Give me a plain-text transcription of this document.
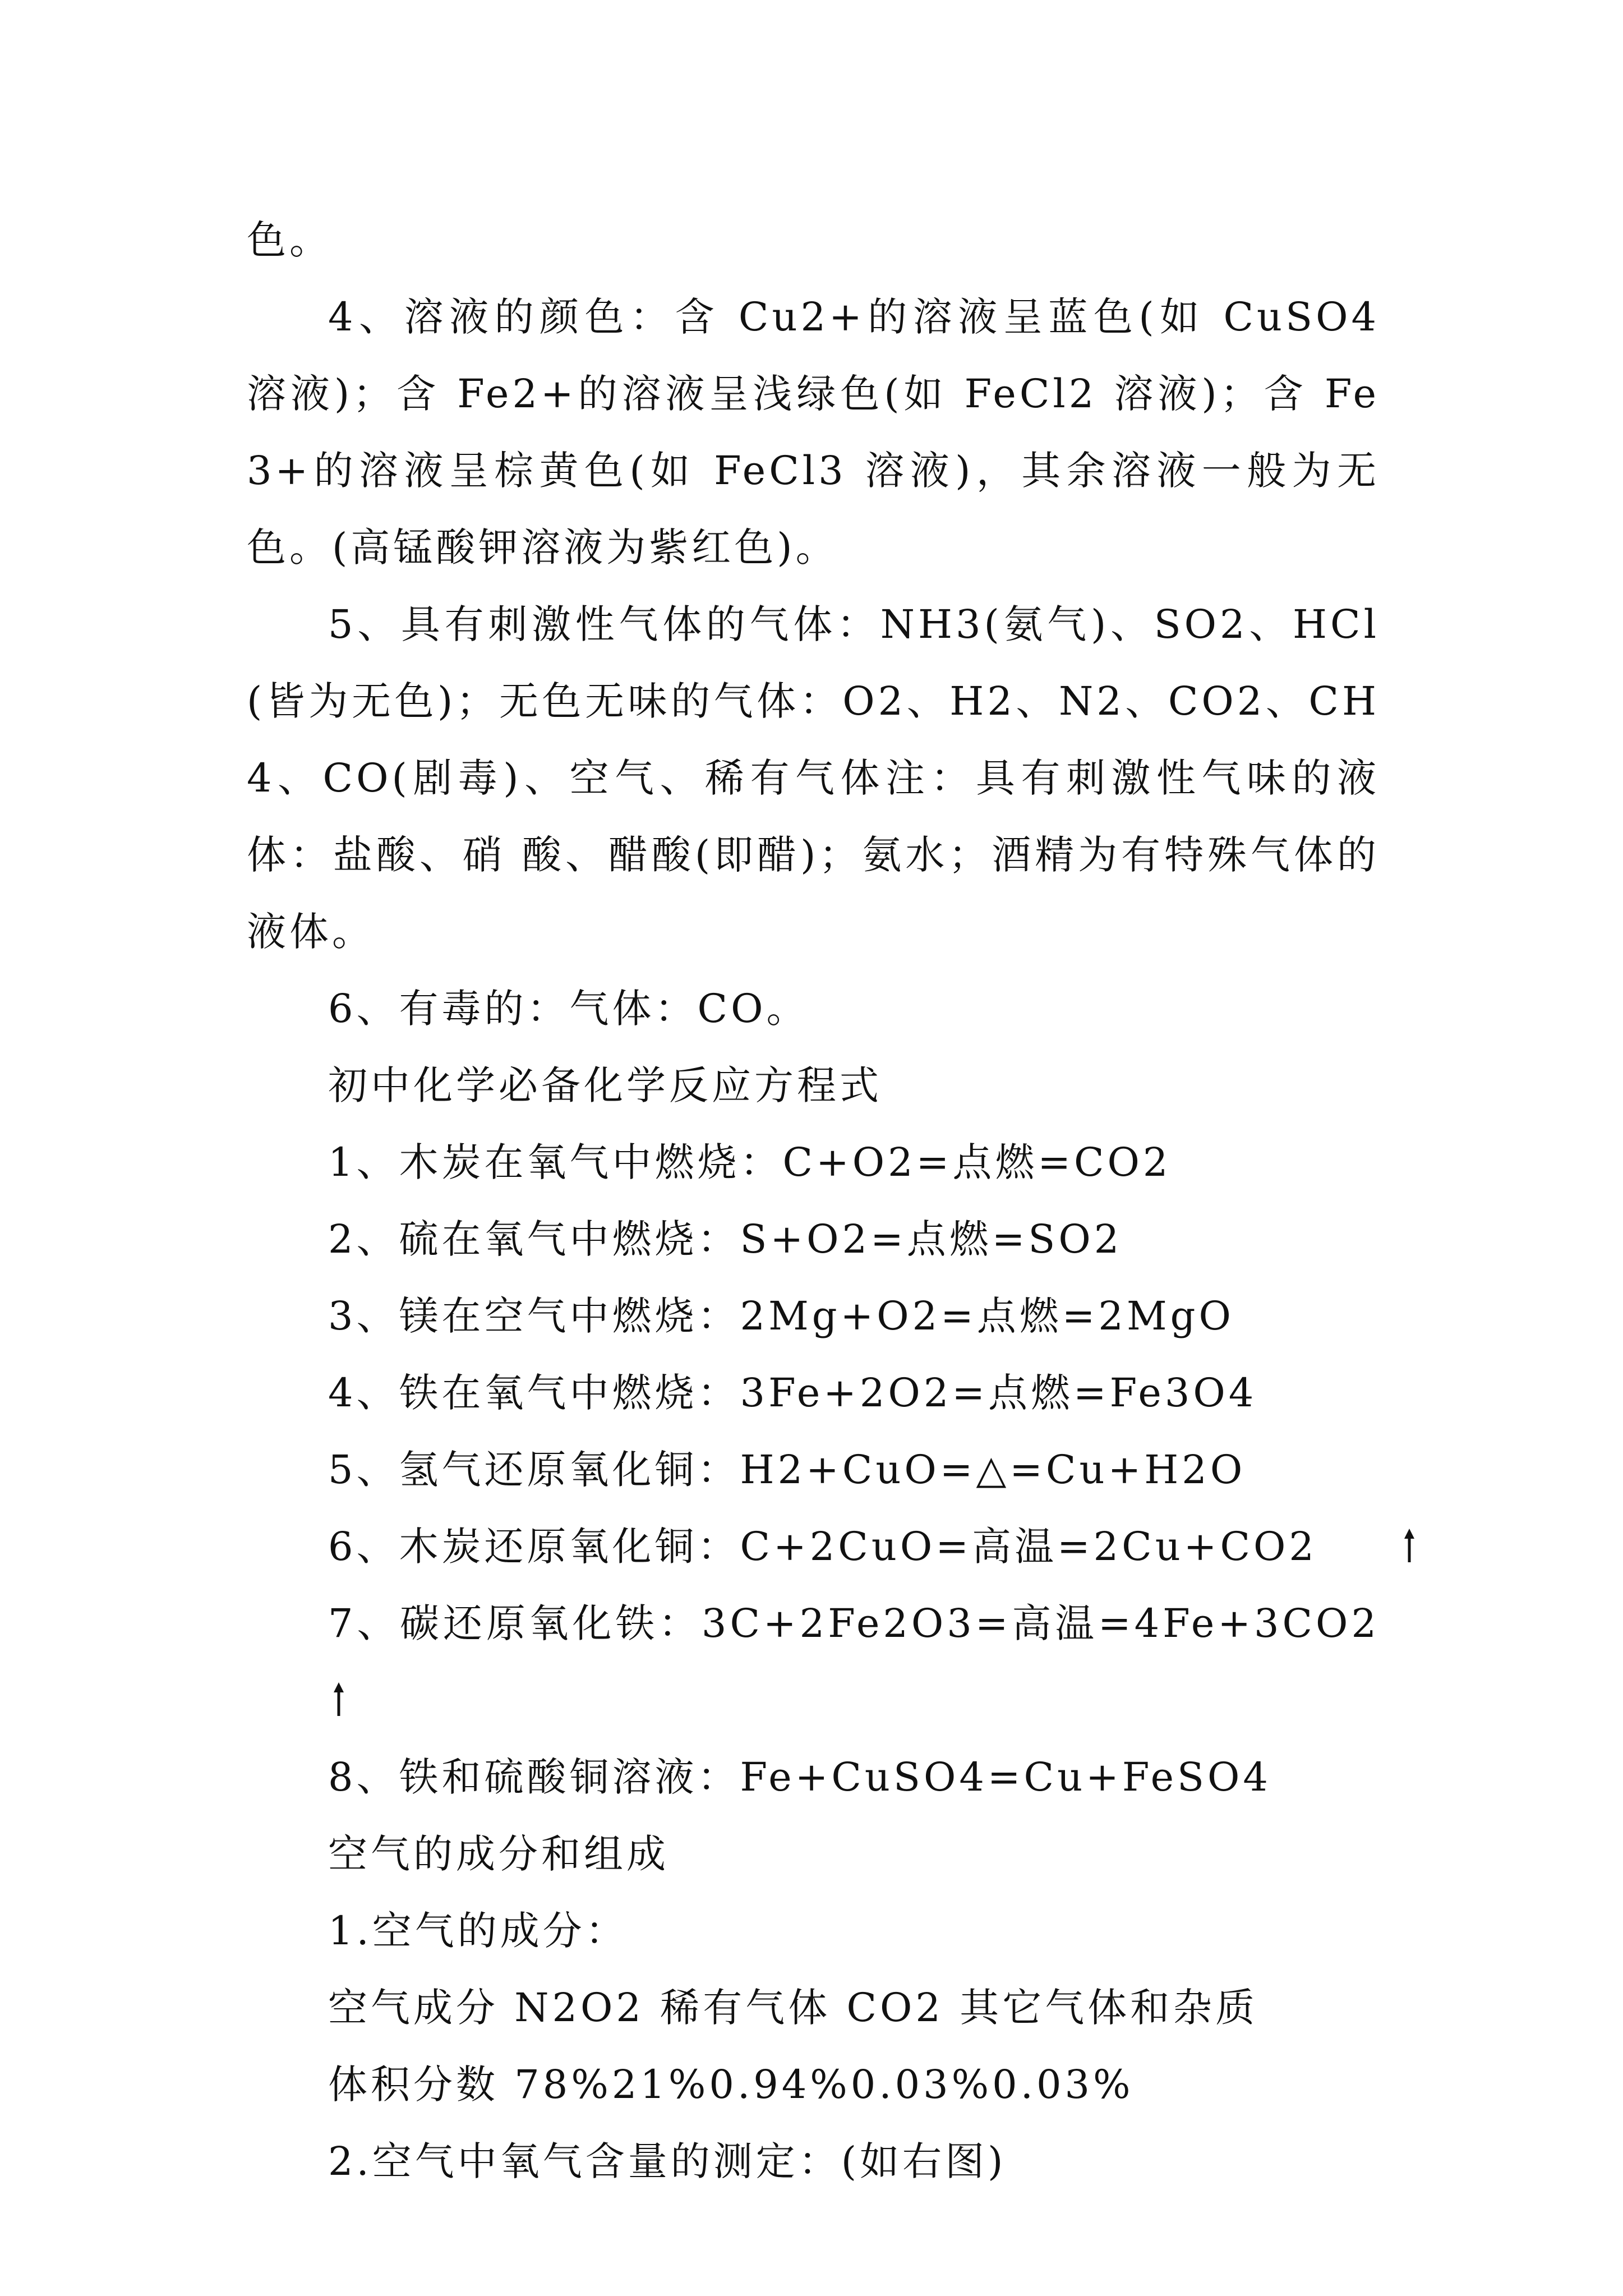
色。

4、溶液的颜色：含 Cu2+的溶液呈蓝色(如 CuSO4 溶液)；含 Fe2+的溶液呈浅绿色(如 FeCl2 溶液)；含 Fe3+的溶液呈棕黄色(如 FeCl3 溶液)，其余溶液一般为无色。(高锰酸钾溶液为紫红色)。

5、具有刺激性气体的气体：NH3(氨气)、SO2、HCl(皆为无色)；无色无味的气体：O2、H2、N2、CO2、CH4、CO(剧毒)、空气、稀有气体注：具有刺激性气味的液体：盐酸、硝 酸、醋酸(即醋)；氨水；酒精为有特殊气体的液体。

6、有毒的：气体：CO。

初中化学必备化学反应方程式

1、木炭在氧气中燃烧：C+O2=点燃=CO2

2、硫在氧气中燃烧：S+O2=点燃=SO2

3、镁在空气中燃烧：2Mg+O2=点燃=2MgO

4、铁在氧气中燃烧：3Fe+2O2=点燃=Fe3O4

5、氢气还原氧化铜：H2+CuO=△=Cu+H2O

6、木炭还原氧化铜：C+2CuO=高温=2Cu+CO2

7、碳还原氧化铁：3C+2Fe2O3=高温=4Fe+3CO2

8、铁和硫酸铜溶液：Fe+CuSO4=Cu+FeSO4

空气的成分和组成

1.空气的成分：

空气成分 N2O2 稀有气体 CO2 其它气体和杂质

体积分数 78%21%0.94%0.03%0.03%

2.空气中氧气含量的测定：(如右图)
